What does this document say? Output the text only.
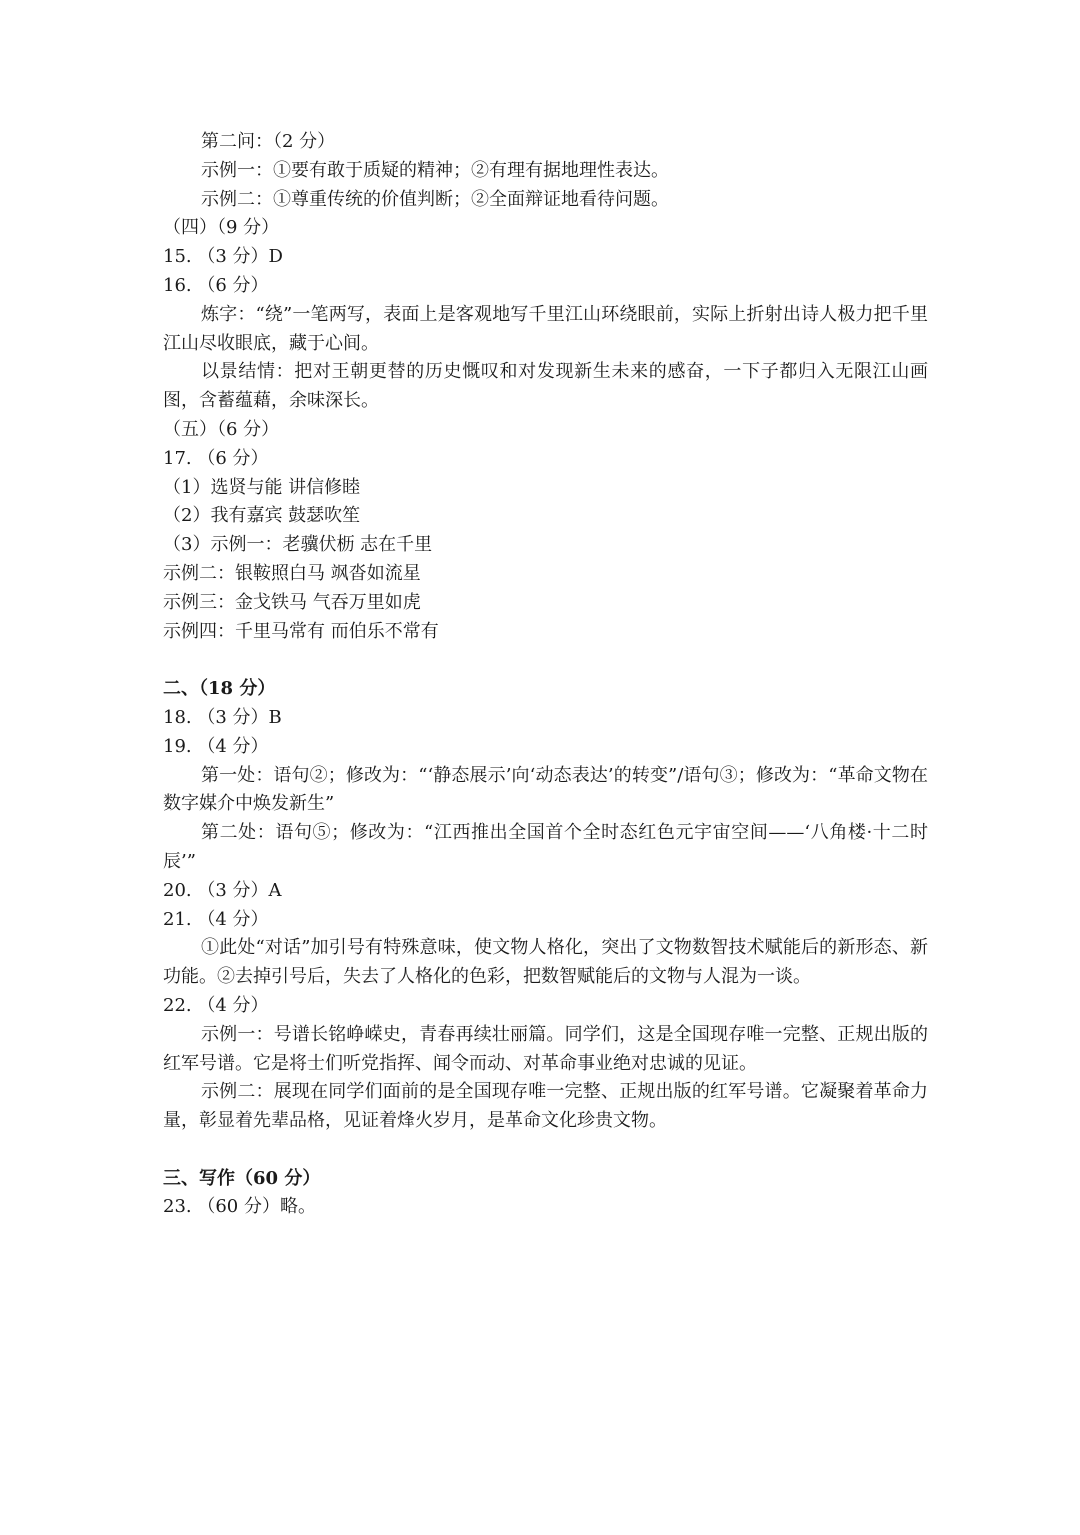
第二问：（2 分）
示例一：①要有敢于质疑的精神；②有理有据地理性表达。
示例二：①尊重传统的价值判断；②全面辩证地看待问题。
（四）（9 分）
15. （3 分）D
16. （6 分）
炼字：“绕”一笔两写，表面上是客观地写千里江山环绕眼前，实际上折射出诗人极力把千里江山尽收眼底，藏于心间。
以景结情：把对王朝更替的历史慨叹和对发现新生未来的感奋，一下子都归入无限江山画图，含蓄蕴藉，余味深长。
（五）（6 分）
17. （6 分）
（1）选贤与能 讲信修睦
（2）我有嘉宾 鼓瑟吹笙
（3）示例一：老骥伏枥 志在千里
示例二：银鞍照白马 飒沓如流星
示例三：金戈铁马 气吞万里如虎
示例四：千里马常有 而伯乐不常有
二、（18 分）
18. （3 分）B
19. （4 分）
第一处：语句②；修改为：“‘静态展示’向‘动态表达’的转变”/语句③；修改为：“革命文物在数字媒介中焕发新生”
第二处：语句⑤；修改为：“江西推出全国首个全时态红色元宇宙空间——‘八角楼·十二时辰’”
20. （3 分）A
21. （4 分）
①此处“对话”加引号有特殊意味，使文物人格化，突出了文物数智技术赋能后的新形态、新功能。②去掉引号后，失去了人格化的色彩，把数智赋能后的文物与人混为一谈。
22. （4 分）
示例一：号谱长铭峥嵘史，青春再续壮丽篇。同学们，这是全国现存唯一完整、正规出版的红军号谱。它是将士们听党指挥、闻令而动、对革命事业绝对忠诚的见证。
示例二：展现在同学们面前的是全国现存唯一完整、正规出版的红军号谱。它凝聚着革命力量，彰显着先辈品格，见证着烽火岁月，是革命文化珍贵文物。
三、写作（60 分）
23. （60 分）略。
